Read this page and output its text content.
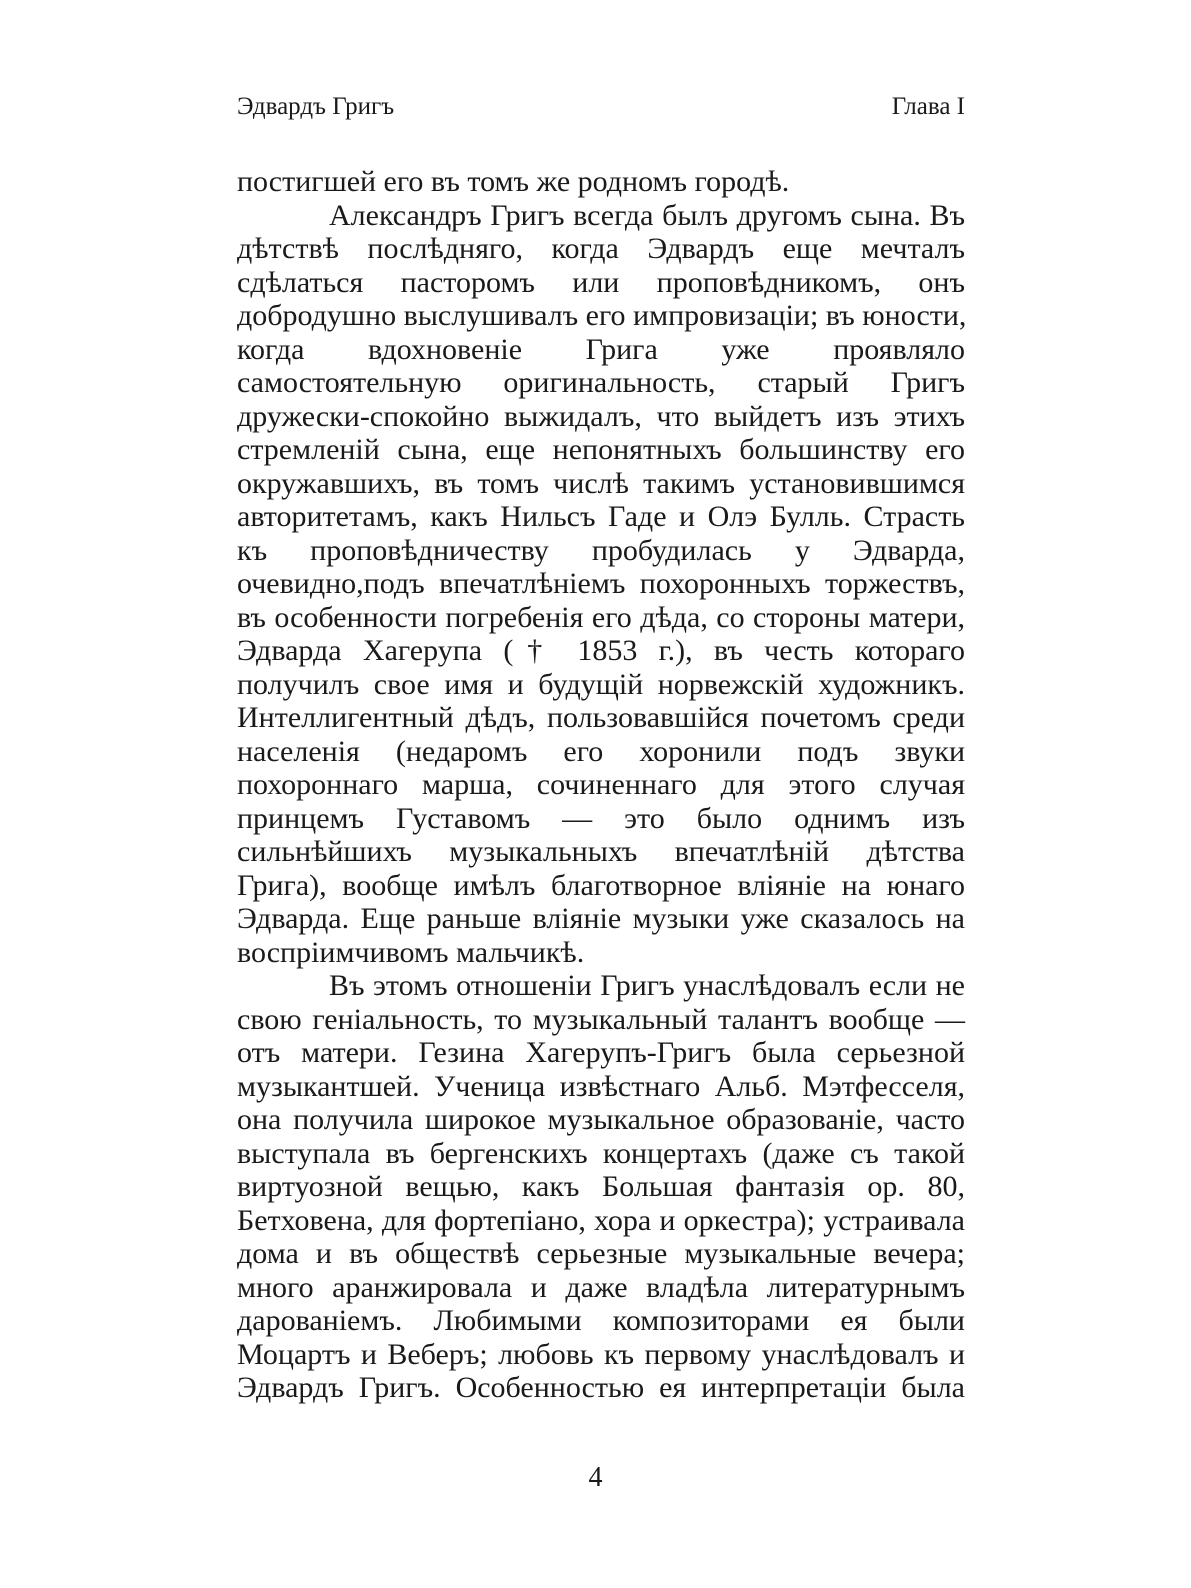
Эдвардъ Григъ	Глава I
постигшей его въ томъ же родномъ городѣ.
Александръ Григъ всегда былъ другомъ сына. Въ
дѣтствѣ послѣдняго, когда Эдвардъ еще мечталъ
сдѣлаться пасторомъ или проповѣдникомъ, онъ
добродушно выслушивалъ его импровизаціи; въ юности,
когда вдохновеніе Грига уже проявляло
самостоятельную оригинальность, старый Григъ
дружески-спокойно выжидалъ, что выйдетъ изъ этихъ
стремленій сына, еще непонятныхъ большинству его
окружавшихъ, въ томъ числѣ такимъ установившимся
авторитетамъ, какъ Нильсъ Гаде и Олэ Булль. Страсть
къ проповѣдничеству пробудилась у Эдварда,
очевидно,подъ впечатлѣніемъ похоронныхъ торжествъ,
въ особенности погребенія его дѣда, со стороны матери,
Эдварда Хагерупа († 1853 г.), въ честь котораго
получилъ свое имя и будущій норвежскій художникъ.
Интеллигентный дѣдъ, пользовавшійся почетомъ среди
населенія (недаромъ его хоронили подъ звуки
похороннаго марша, сочиненнаго для этого случая
принцемъ Густавомъ — это было однимъ изъ
сильнѣйшихъ музыкальныхъ впечатлѣній дѣтства
Грига), вообще имѣлъ благотворное вліяніе на юнаго
Эдварда. Еще раньше вліяніе музыки уже сказалось на
воспріимчивомъ мальчикѣ.
Въ этомъ отношеніи Григъ унаслѣдовалъ если не
свою геніальность, то музыкальный талантъ вообще —
отъ матери. Гезина Хагерупъ-Григъ была серьезной
музыкантшей. Ученица извѣстнаго Альб. Мэтфесселя,
она получила широкое музыкальное образованіе, часто
выступала въ бергенскихъ концертахъ (даже съ такой
виртуозной вещью, какъ Большая фантазія ор. 80,
Бетховена, для фортепіано, хора и оркестра); устраивала
дома и въ обществѣ серьезные музыкальные вечера;
много аранжировала и даже владѣла литературнымъ
дарованіемъ. Любимыми композиторами ея были
Моцартъ и Веберъ; любовь къ первому унаслѣдовалъ и
Эдвардъ Григъ. Особенностью ея интерпретаціи была
4
